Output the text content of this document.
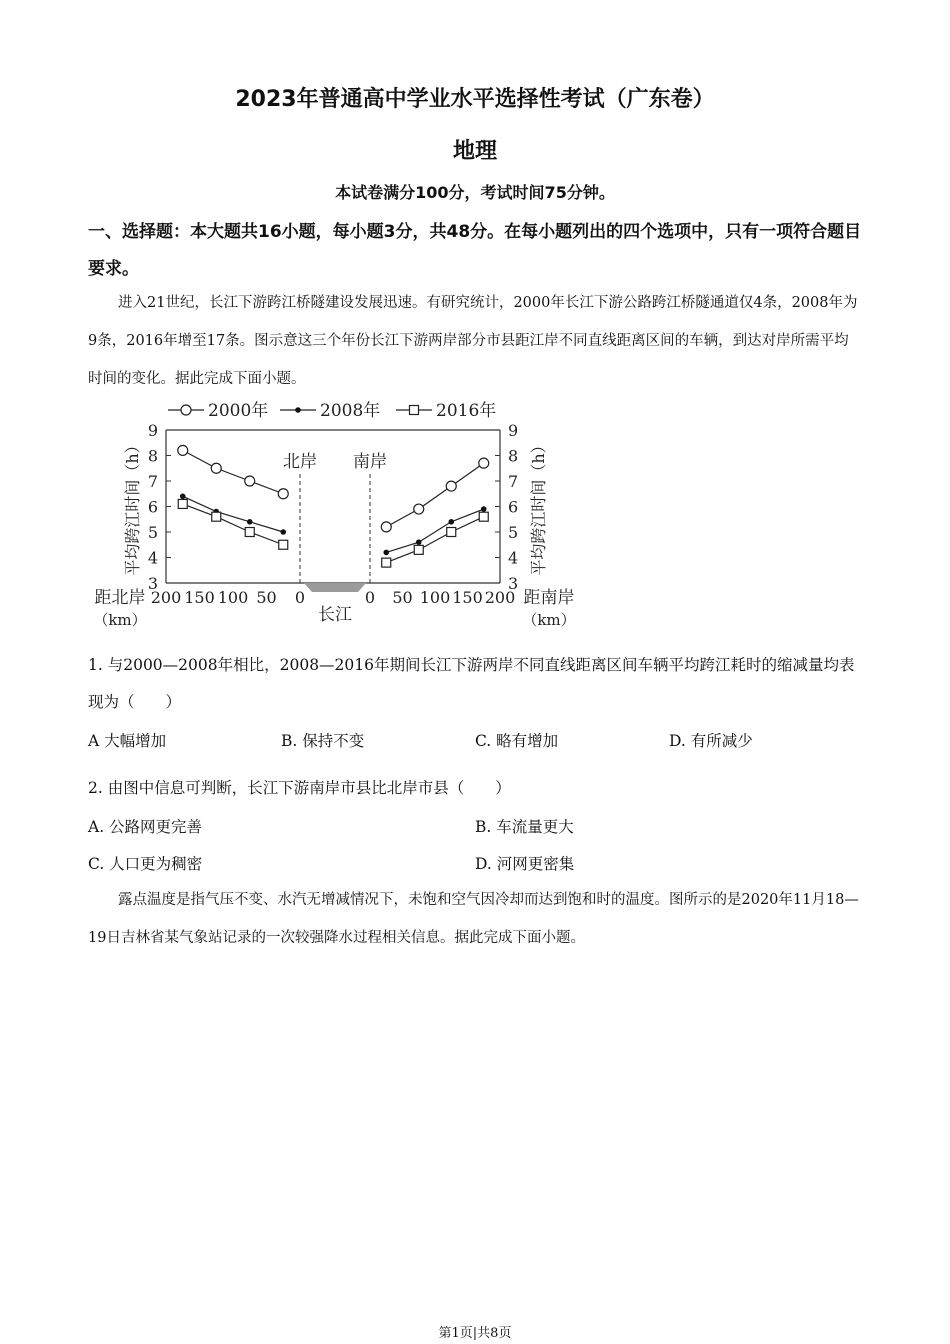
2023年普通高中学业水平选择性考试（广东卷）
地理
本试卷满分100分，考试时间75分钟。
一、选择题：本大题共16小题，每小题3分，共48分。在每小题列出的四个选项中，只有一项符合题目要求。
进入21世纪，长江下游跨江桥隧建设发展迅速。有研究统计，2000年长江下游公路跨江桥隧通道仅4条，2008年为9条，2016年增至17条。图示意这三个年份长江下游两岸部分市县距江岸不同直线距离区间的车辆，到达对岸所需平均时间的变化。据此完成下面小题。
2000年	2008年	2016年
长江
北岸 南岸
9	9
8	8
7	7
6	6
5	5
4	4
3	3
平均跨江时间（h）	平均跨江时间（h）
200 150 100 50 0	0 50 100 150 200
距北岸
（km）
距南岸
（km）
1. 与2000—2008年相比，2008—2016年期间长江下游两岸不同直线距离区间车辆平均跨江耗时的缩减量均表现为（　　）
A 大幅增加	B. 保持不变	C. 略有增加	D. 有所减少
2. 由图中信息可判断，长江下游南岸市县比北岸市县（　　）
A. 公路网更完善	B. 车流量更大
C. 人口更为稠密	D. 河网更密集
露点温度是指气压不变、水汽无增减情况下，未饱和空气因冷却而达到饱和时的温度。图所示的是2020年11月18—19日吉林省某气象站记录的一次较强降水过程相关信息。据此完成下面小题。
第1页|共8页
